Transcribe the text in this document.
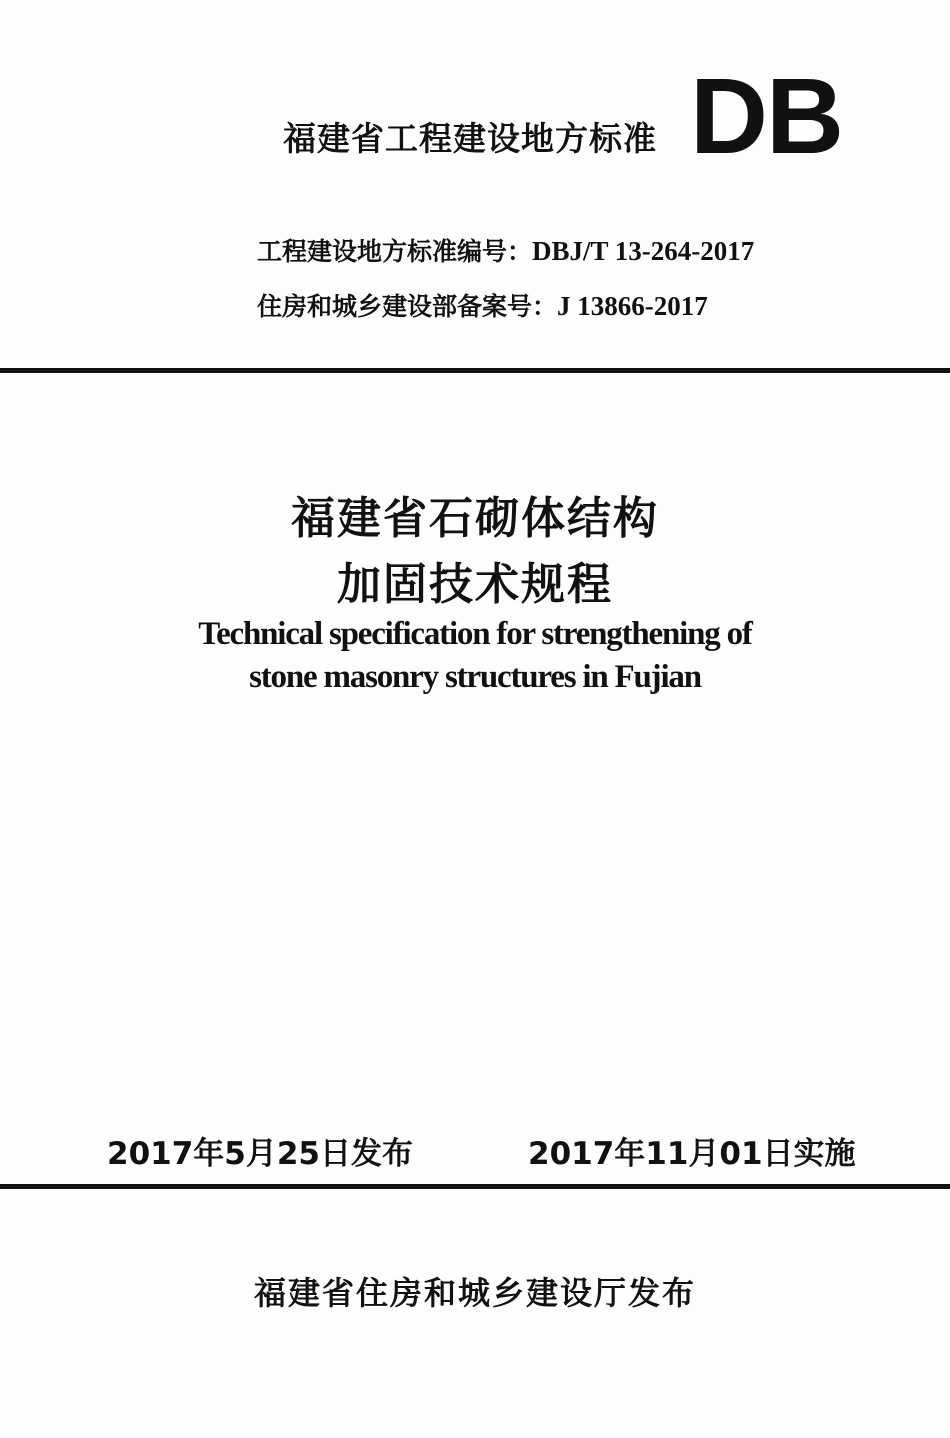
福建省工程建设地方标准 DB
工程建设地方标准编号：DBJ/T 13-264-2017
住房和城乡建设部备案号：J 13866-2017
福建省石砌体结构
加固技术规程
Technical specification for strengthening of
stone masonry structures in Fujian
2017年5月25日发布	2017年11月01日实施
福建省住房和城乡建设厅发布
